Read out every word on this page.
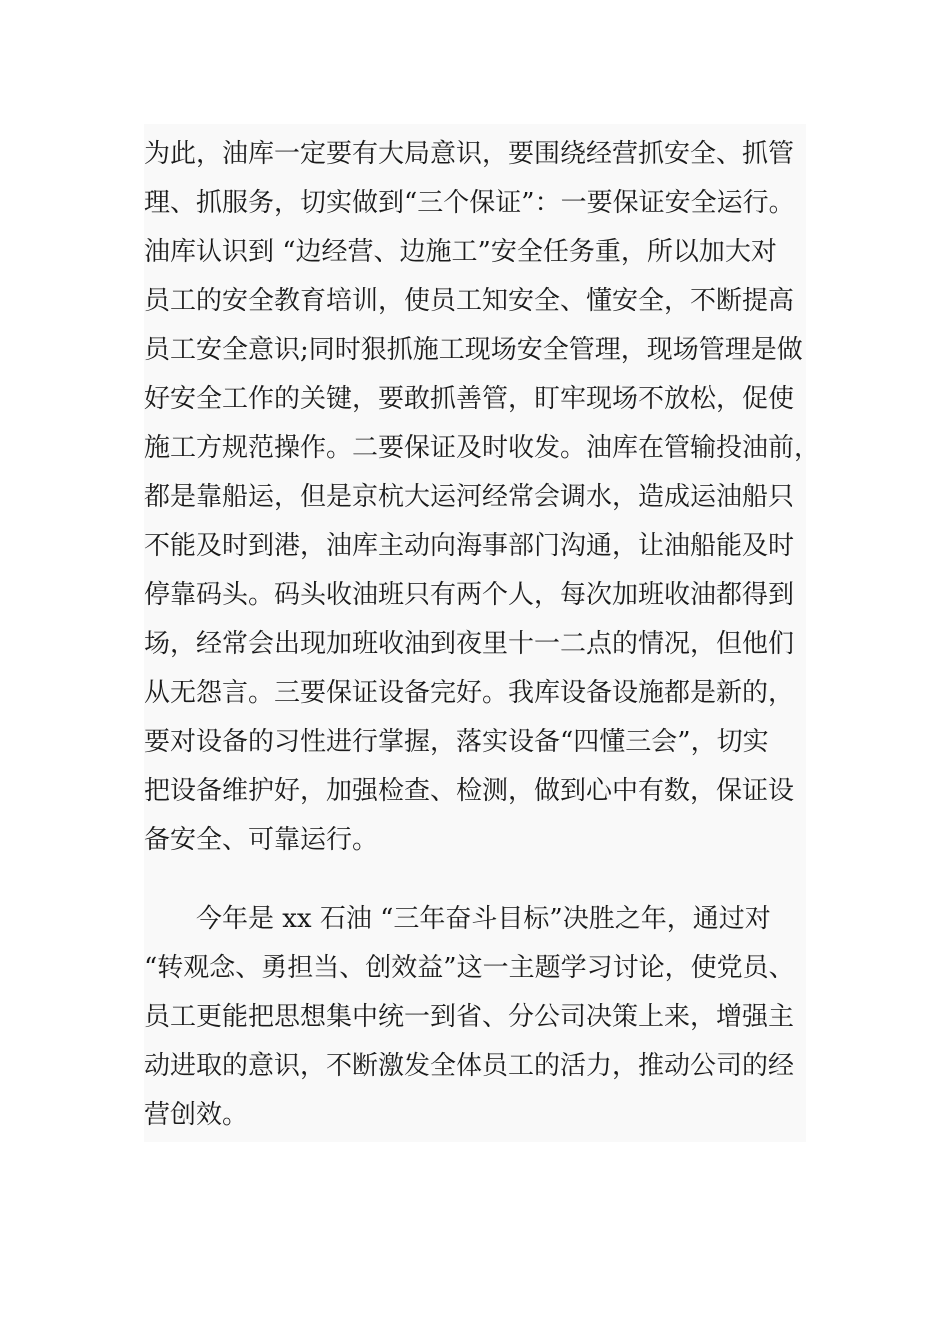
为此，油库一定要有大局意识，要围绕经营抓安全、抓管
理、抓服务，切实做到“三个保证”：一要保证安全运行。
油库认识到 “边经营、边施工”安全任务重，所以加大对
员工的安全教育培训，使员工知安全、懂安全，不断提高
员工安全意识;同时狠抓施工现场安全管理，现场管理是做
好安全工作的关键，要敢抓善管，盯牢现场不放松，促使
施工方规范操作。二要保证及时收发。油库在管输投油前，
都是靠船运，但是京杭大运河经常会调水，造成运油船只
不能及时到港，油库主动向海事部门沟通，让油船能及时
停靠码头。码头收油班只有两个人，每次加班收油都得到
场，经常会出现加班收油到夜里十一二点的情况，但他们
从无怨言。三要保证设备完好。我库设备设施都是新的，
要对设备的习性进行掌握，落实设备“四懂三会”，切实
把设备维护好，加强检查、检测，做到心中有数，保证设
备安全、可靠运行。
今年是 xx 石油 “三年奋斗目标”决胜之年，通过对
“转观念、勇担当、创效益”这一主题学习讨论，使党员、
员工更能把思想集中统一到省、分公司决策上来，增强主
动进取的意识，不断激发全体员工的活力，推动公司的经
营创效。
